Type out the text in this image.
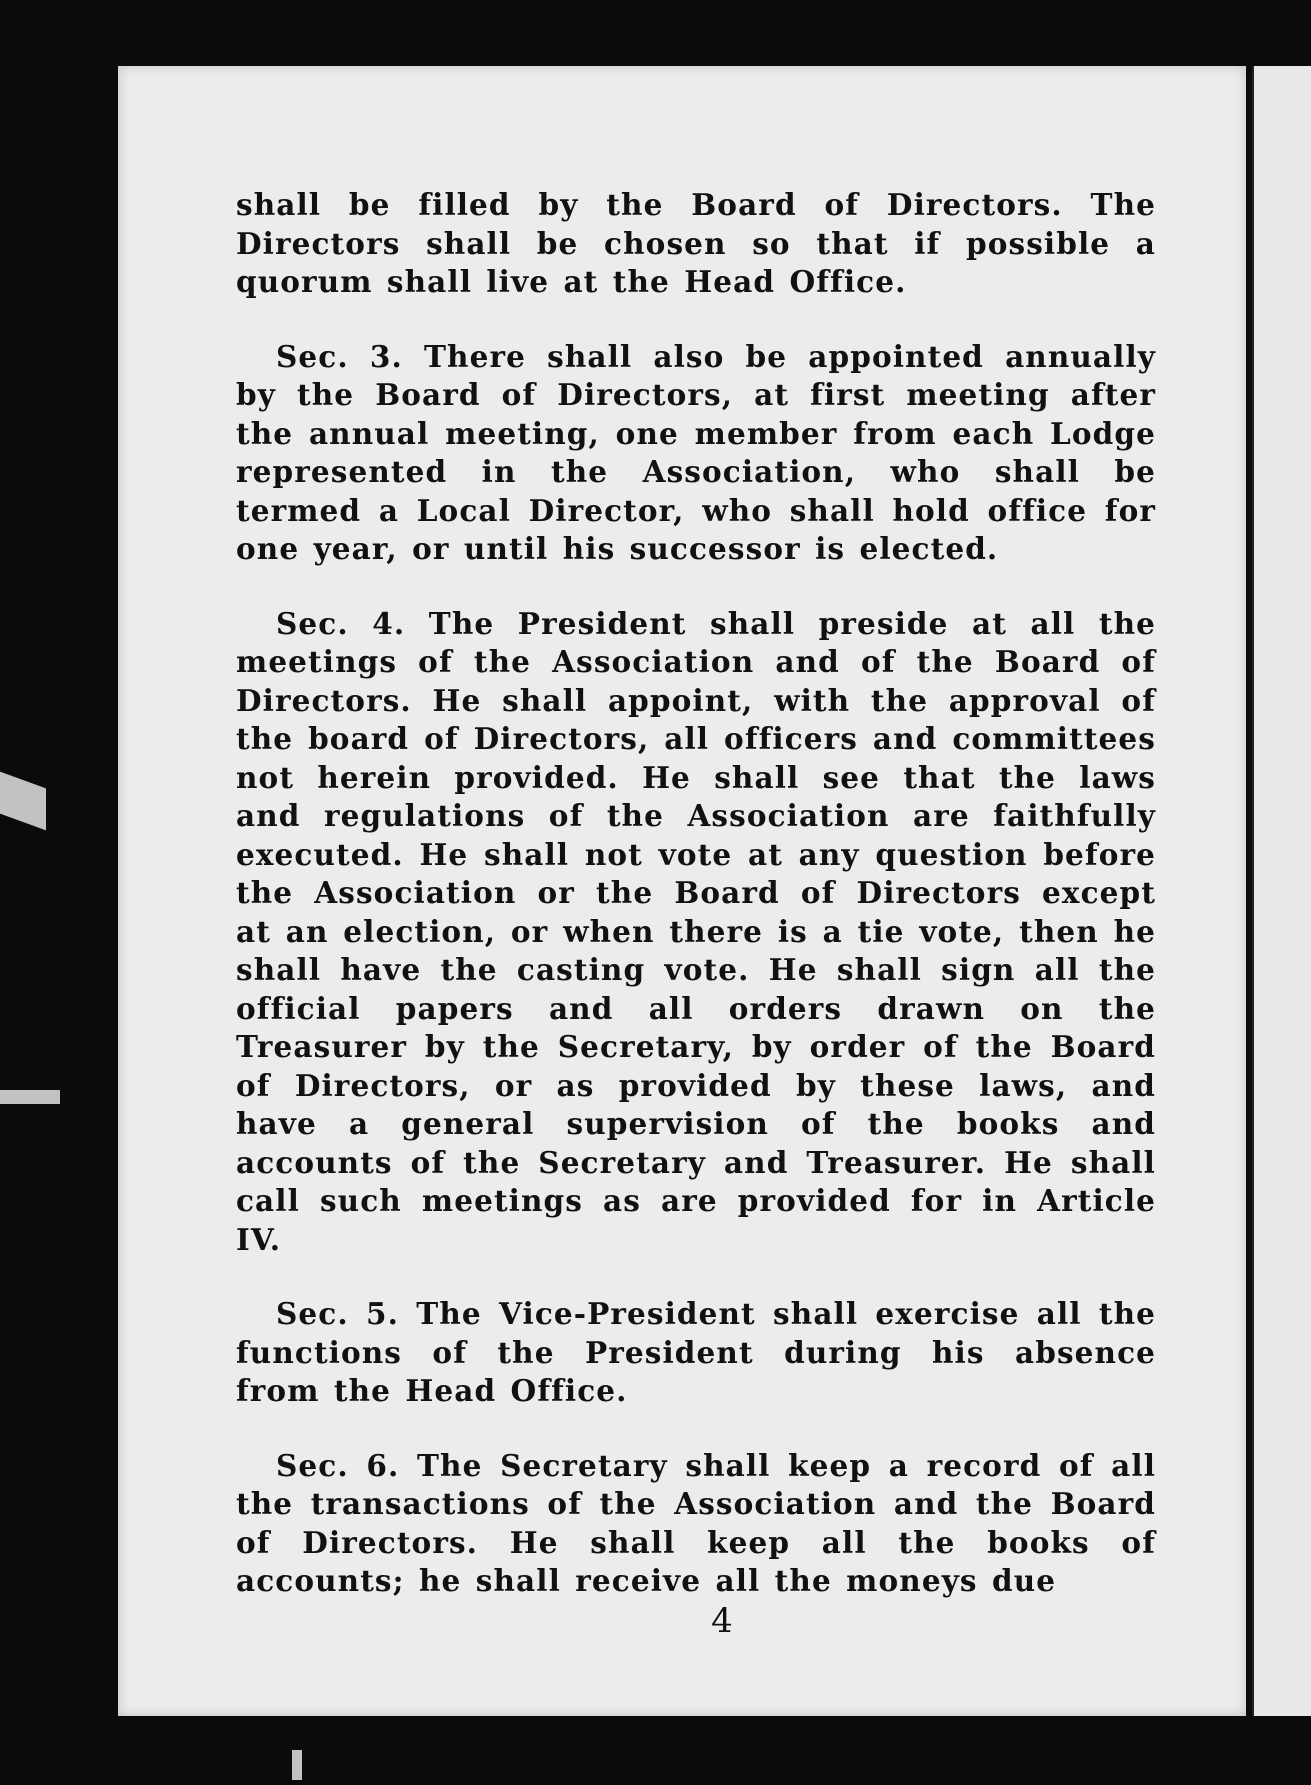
shall be filled by the Board of Directors. The Directors shall be chosen so that if possible a quorum shall live at the Head Office.

Sec. 3. There shall also be appointed annually by the Board of Directors, at first meeting after the annual meeting, one member from each Lodge represented in the Association, who shall be termed a Local Director, who shall hold office for one year, or until his successor is elected.

Sec. 4. The President shall preside at all the meetings of the Association and of the Board of Directors. He shall appoint, with the approval of the board of Directors, all officers and committees not herein provided. He shall see that the laws and regulations of the Association are faithfully executed. He shall not vote at any question before the Association or the Board of Directors except at an election, or when there is a tie vote, then he shall have the casting vote. He shall sign all the official papers and all orders drawn on the Treasurer by the Secretary, by order of the Board of Directors, or as provided by these laws, and have a general supervision of the books and accounts of the Secretary and Treasurer. He shall call such meetings as are provided for in Article IV.

Sec. 5. The Vice-President shall exercise all the functions of the President during his absence from the Head Office.

Sec. 6. The Secretary shall keep a record of all the transactions of the Association and the Board of Directors. He shall keep all the books of accounts; he shall receive all the moneys due

4
